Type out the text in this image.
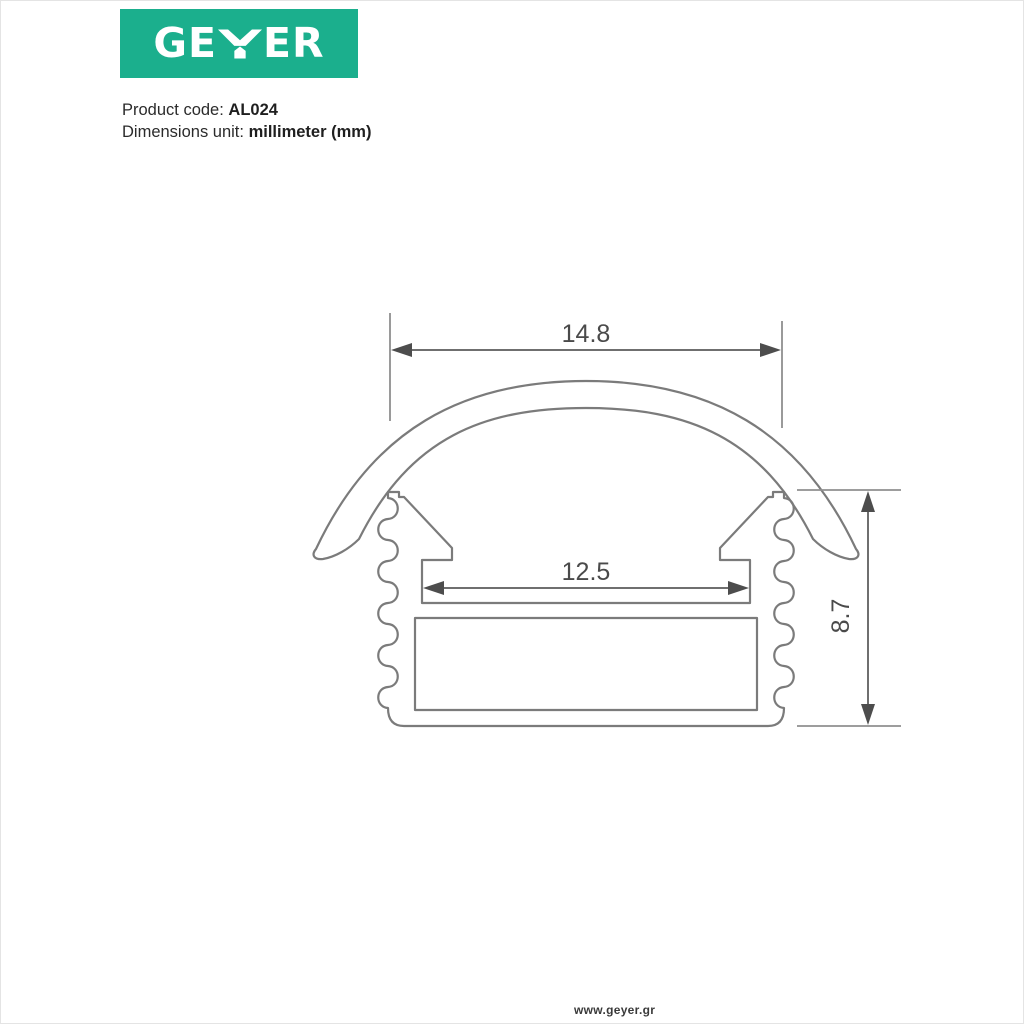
GE ER
Product code: AL024
Dimensions unit: millimeter (mm)
14.8
12.5
8.7
www.geyer.gr
